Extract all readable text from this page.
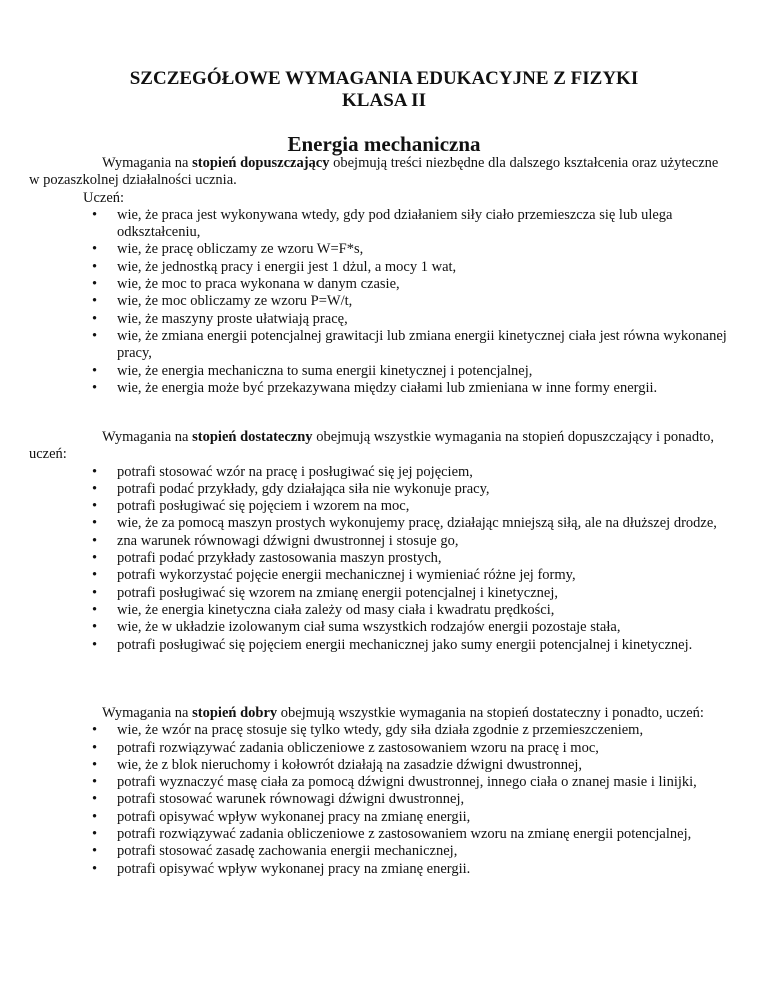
SZCZEGÓŁOWE WYMAGANIA EDUKACYJNE Z FIZYKI
KLASA II
Energia mechaniczna

Wymagania na stopień dopuszczający obejmują treści niezbędne dla dalszego kształcenia oraz użyteczne w pozaszkolnej działalności ucznia.

Uczeń:

• wie, że praca jest wykonywana wtedy, gdy pod działaniem siły ciało przemieszcza się lub ulega odkształceniu,
• wie, że pracę obliczamy ze wzoru W=F*s,
• wie, że jednostką pracy i energii jest 1 dżul, a mocy 1 wat,
• wie, że moc to praca wykonana w danym czasie,
• wie, że moc obliczamy ze wzoru P=W/t,
• wie, że maszyny proste ułatwiają pracę,
• wie, że zmiana energii potencjalnej grawitacji lub zmiana energii kinetycznej ciała jest równa wykonanej pracy,
• wie, że energia mechaniczna to suma energii kinetycznej i potencjalnej,
• wie, że energia może być przekazywana między ciałami lub zmieniana w inne formy energii.

Wymagania na stopień dostateczny obejmują wszystkie wymagania na stopień dopuszczający i ponadto, uczeń:

• potrafi stosować wzór na pracę i posługiwać się jej pojęciem,
• potrafi podać przykłady, gdy działająca siła nie wykonuje pracy,
• potrafi posługiwać się pojęciem i wzorem na moc,
• wie, że za pomocą maszyn prostych wykonujemy pracę, działając mniejszą siłą, ale na dłuższej drodze,
• zna warunek równowagi dźwigni dwustronnej i stosuje go,
• potrafi podać przykłady zastosowania maszyn prostych,
• potrafi wykorzystać pojęcie energii mechanicznej i wymieniać różne jej formy,
• potrafi posługiwać się wzorem na zmianę energii potencjalnej i kinetycznej,
• wie, że energia kinetyczna ciała zależy od masy ciała i kwadratu prędkości,
• wie, że w układzie izolowanym ciał suma wszystkich rodzajów energii pozostaje stała,
• potrafi posługiwać się pojęciem energii mechanicznej jako sumy energii potencjalnej i kinetycznej.

Wymagania na stopień dobry obejmują wszystkie wymagania na stopień dostateczny i ponadto, uczeń:

• wie, że wzór na pracę stosuje się tylko wtedy, gdy siła działa zgodnie z przemieszczeniem,
• potrafi rozwiązywać zadania obliczeniowe z zastosowaniem wzoru na pracę i moc,
• wie, że z blok nieruchomy i kołowrót działają na zasadzie dźwigni dwustronnej,
• potrafi wyznaczyć masę ciała za pomocą dźwigni dwustronnej, innego ciała o znanej masie i linijki,
• potrafi stosować warunek równowagi dźwigni dwustronnej,
• potrafi opisywać wpływ wykonanej pracy na zmianę energii,
• potrafi rozwiązywać zadania obliczeniowe z zastosowaniem wzoru na zmianę energii potencjalnej,
• potrafi stosować zasadę zachowania energii mechanicznej,
• potrafi opisywać wpływ wykonanej pracy na zmianę energii.
